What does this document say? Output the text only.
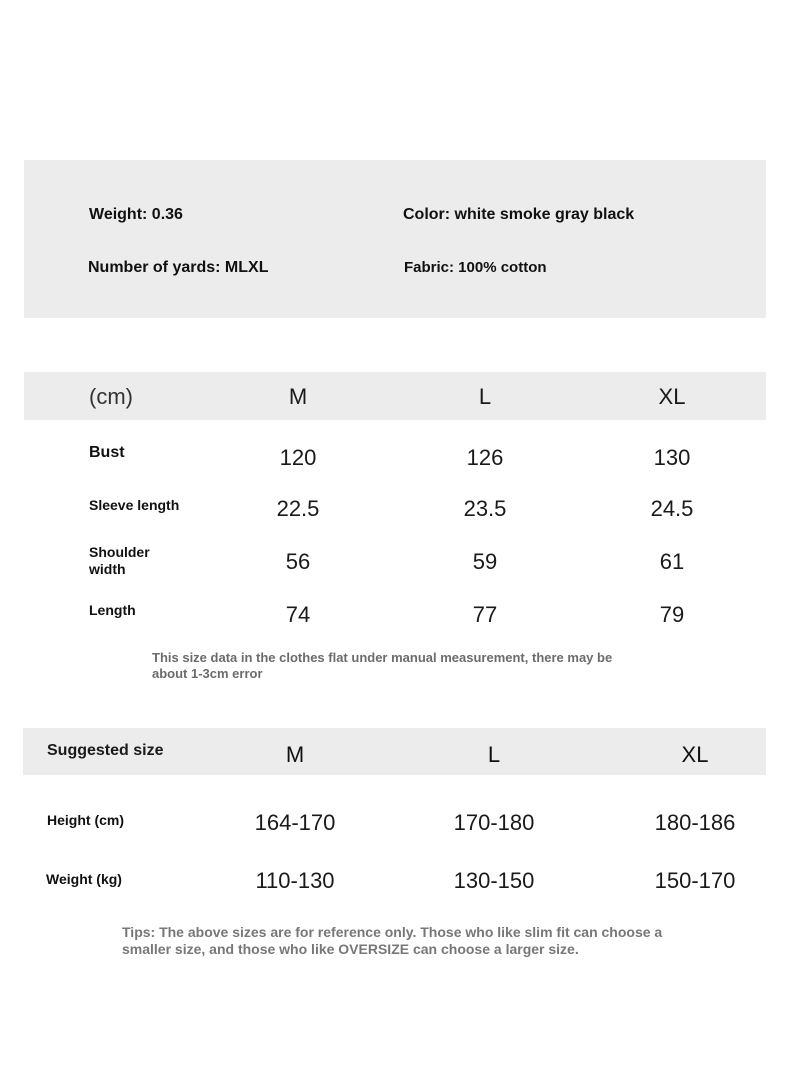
Weight: 0.36	Color: white smoke gray black
Number of yards: MLXL	Fabric: 100% cotton
(cm)	M	L	XL
Bust	120	126	130
Sleeve length	22.5	23.5	24.5
Shoulder
width	56	59	61
Length	74	77	79
This size data in the clothes flat under manual measurement, there may be
about 1-3cm error
Suggested size	M	L	XL
Height (cm)	164-170	170-180	180-186
Weight (kg)	110-130	130-150	150-170
Tips: The above sizes are for reference only. Those who like slim fit can choose a
smaller size, and those who like OVERSIZE can choose a larger size.
